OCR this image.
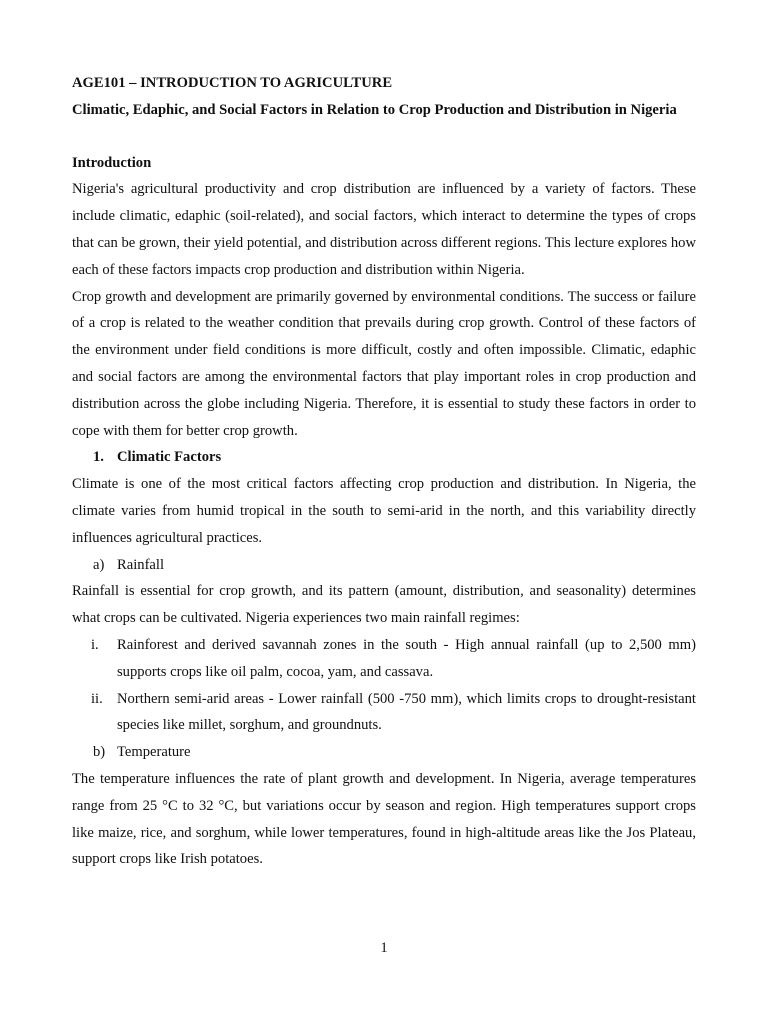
AGE101 – INTRODUCTION TO AGRICULTURE
Climatic, Edaphic, and Social Factors in Relation to Crop Production and Distribution in Nigeria
Introduction

Nigeria's agricultural productivity and crop distribution are influenced by a variety of factors. These include climatic, edaphic (soil-related), and social factors, which interact to determine the types of crops that can be grown, their yield potential, and distribution across different regions. This lecture explores how each of these factors impacts crop production and distribution within Nigeria.

Crop growth and development are primarily governed by environmental conditions. The success or failure of a crop is related to the weather condition that prevails during crop growth. Control of these factors of the environment under field conditions is more difficult, costly and often impossible. Climatic, edaphic and social factors are among the environmental factors that play important roles in crop production and distribution across the globe including Nigeria. Therefore, it is essential to study these factors in order to cope with them for better crop growth.

1. Climatic Factors

Climate is one of the most critical factors affecting crop production and distribution. In Nigeria, the climate varies from humid tropical in the south to semi-arid in the north, and this variability directly influences agricultural practices.

a) Rainfall

Rainfall is essential for crop growth, and its pattern (amount, distribution, and seasonality) determines what crops can be cultivated. Nigeria experiences two main rainfall regimes:

i.	Rainforest and derived savannah zones in the south - High annual rainfall (up to 2,500 mm) supports crops like oil palm, cocoa, yam, and cassava.
ii. Northern semi-arid areas - Lower rainfall (500 -750 mm), which limits crops to drought-resistant species like millet, sorghum, and groundnuts.
b) Temperature

The temperature influences the rate of plant growth and development. In Nigeria, average temperatures range from 25 °C to 32 °C, but variations occur by season and region. High temperatures support crops like maize, rice, and sorghum, while lower temperatures, found in high-altitude areas like the Jos Plateau, support crops like Irish potatoes.

1
